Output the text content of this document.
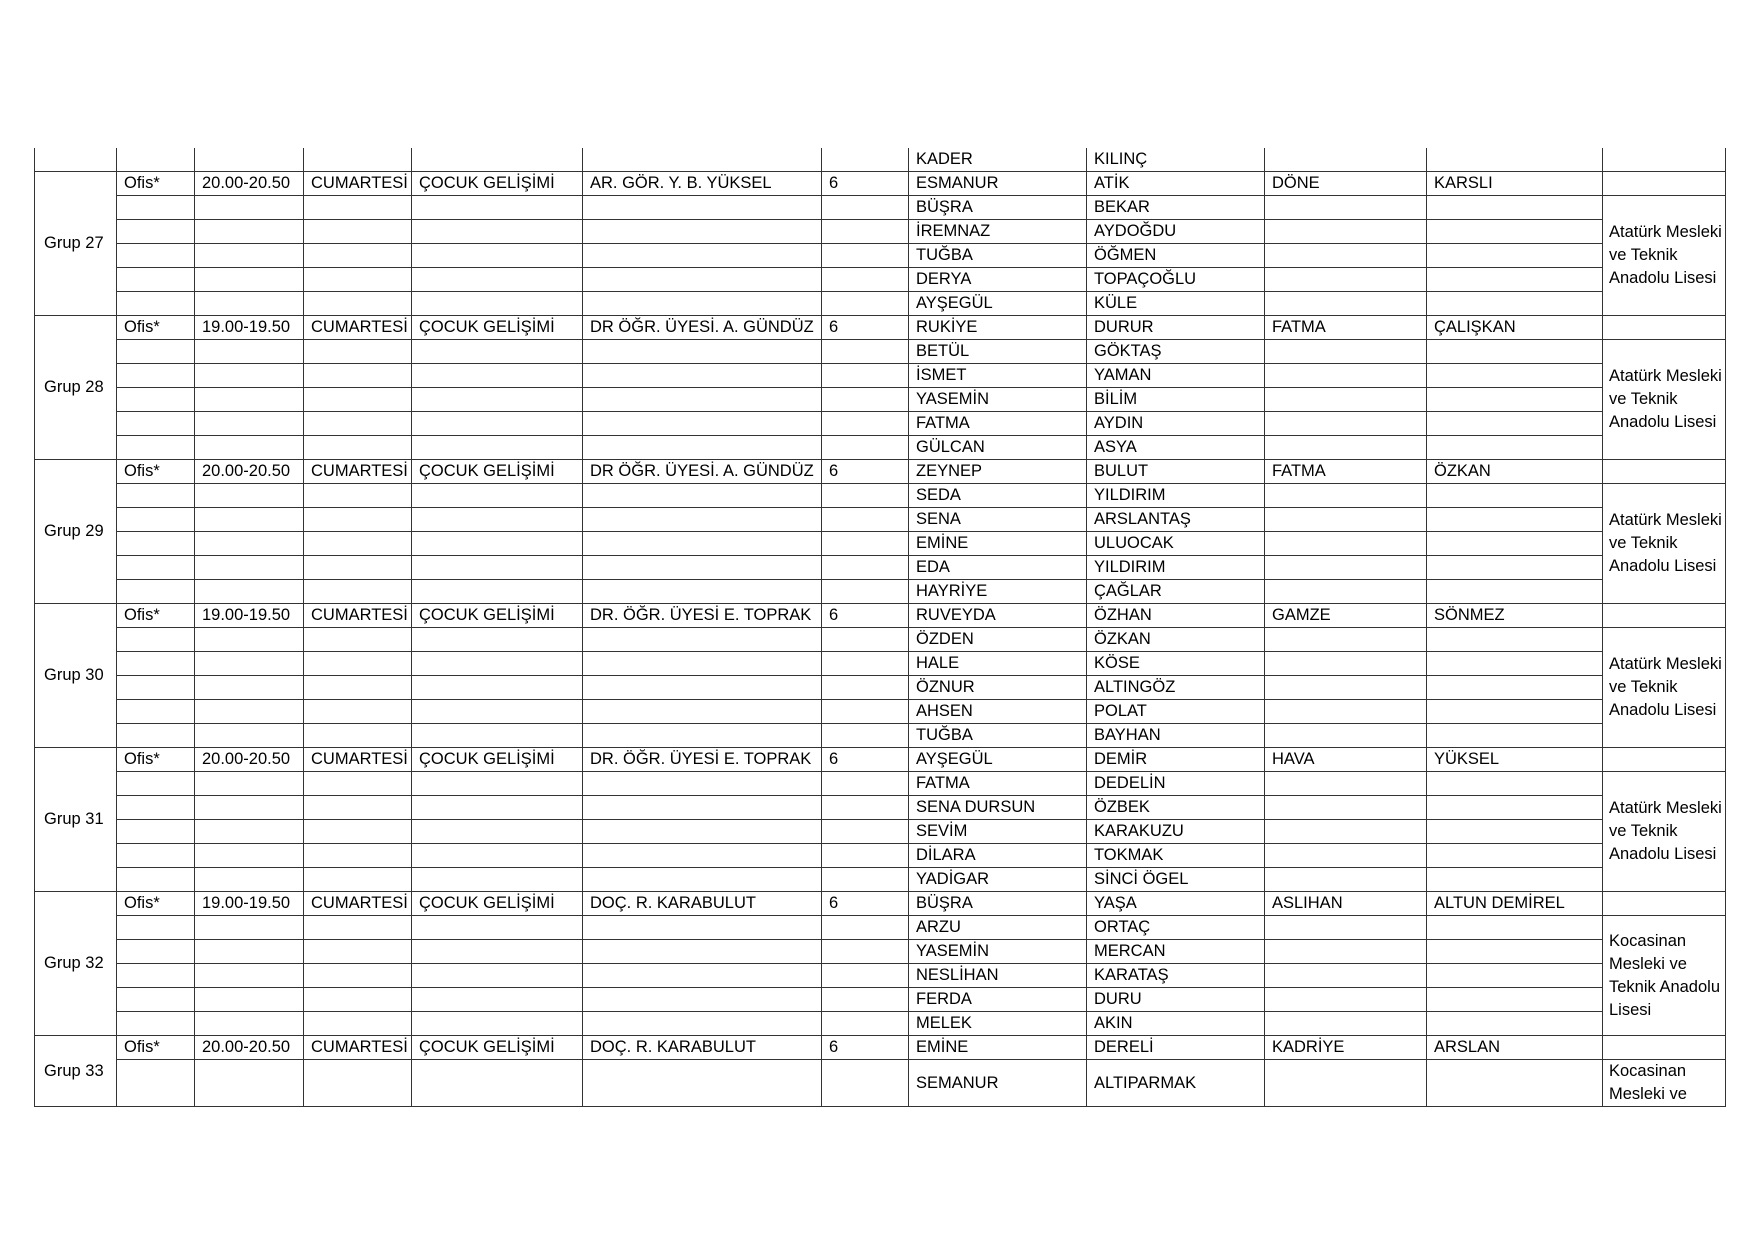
							KADER	KILINÇ			
Grup 27	Ofis*	20.00-20.50	CUMARTESİ	ÇOCUK GELİŞİMİ	AR. GÖR. Y. B. YÜKSEL	6	ESMANUR	ATİK	DÖNE	KARSLI	
							BÜŞRA	BEKAR			Atatürk Mesleki ve Teknik Anadolu Lisesi
							İREMNAZ	AYDOĞDU			
							TUĞBA	ÖĞMEN			
							DERYA	TOPAÇOĞLU			
							AYŞEGÜL	KÜLE			
Grup 28	Ofis*	19.00-19.50	CUMARTESİ	ÇOCUK GELİŞİMİ	DR ÖĞR. ÜYESİ. A. GÜNDÜZ	6	RUKİYE	DURUR	FATMA	ÇALIŞKAN	
							BETÜL	GÖKTAŞ			Atatürk Mesleki ve Teknik Anadolu Lisesi
							İSMET	YAMAN			
							YASEMİN	BİLİM			
							FATMA	AYDIN			
							GÜLCAN	ASYA			
Grup 29	Ofis*	20.00-20.50	CUMARTESİ	ÇOCUK GELİŞİMİ	DR ÖĞR. ÜYESİ. A. GÜNDÜZ	6	ZEYNEP	BULUT	FATMA	ÖZKAN	
							SEDA	YILDIRIM			Atatürk Mesleki ve Teknik Anadolu Lisesi
							SENA	ARSLANTAŞ			
							EMİNE	ULUOCAK			
							EDA	YILDIRIM			
							HAYRİYE	ÇAĞLAR			
Grup 30	Ofis*	19.00-19.50	CUMARTESİ	ÇOCUK GELİŞİMİ	DR. ÖĞR. ÜYESİ E. TOPRAK	6	RUVEYDA	ÖZHAN	GAMZE	SÖNMEZ	
							ÖZDEN	ÖZKAN			Atatürk Mesleki ve Teknik Anadolu Lisesi
							HALE	KÖSE			
							ÖZNUR	ALTINGÖZ			
							AHSEN	POLAT			
							TUĞBA	BAYHAN			
Grup 31	Ofis*	20.00-20.50	CUMARTESİ	ÇOCUK GELİŞİMİ	DR. ÖĞR. ÜYESİ E. TOPRAK	6	AYŞEGÜL	DEMİR	HAVA	YÜKSEL	
							FATMA	DEDELİN			Atatürk Mesleki ve Teknik Anadolu Lisesi
							SENA DURSUN	ÖZBEK			
							SEVİM	KARAKUZU			
							DİLARA	TOKMAK			
							YADİGAR	SİNCİ ÖGEL			
Grup 32	Ofis*	19.00-19.50	CUMARTESİ	ÇOCUK GELİŞİMİ	DOÇ. R. KARABULUT	6	BÜŞRA	YAŞA	ASLIHAN	ALTUN DEMİREL	
							ARZU	ORTAÇ			Kocasinan Mesleki ve Teknik Anadolu Lisesi
							YASEMİN	MERCAN			
							NESLİHAN	KARATAŞ			
							FERDA	DURU			
							MELEK	AKIN			
Grup 33	Ofis*	20.00-20.50	CUMARTESİ	ÇOCUK GELİŞİMİ	DOÇ. R. KARABULUT	6	EMİNE	DERELİ	KADRİYE	ARSLAN	
							SEMANUR	ALTIPARMAK			Kocasinan Mesleki ve
